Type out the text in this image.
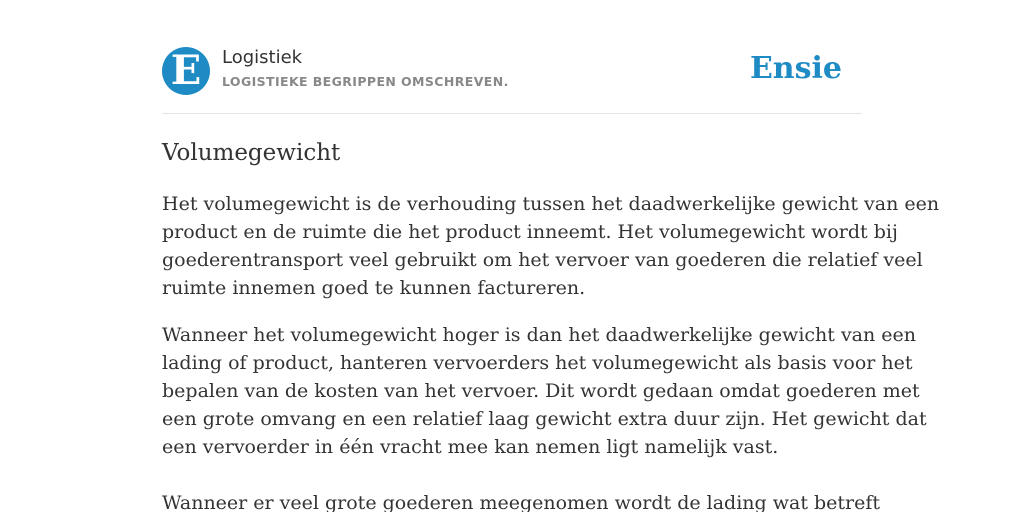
E	Logistiek
LOGISTIEKE BEGRIPPEN OMSCHREVEN.	Ensie
Volumegewicht

Het volumegewicht is de verhouding tussen het daadwerkelijke gewicht van een
product en de ruimte die het product inneemt. Het volumegewicht wordt bij
goederentransport veel gebruikt om het vervoer van goederen die relatief veel
ruimte innemen goed te kunnen factureren.

Wanneer het volumegewicht hoger is dan het daadwerkelijke gewicht van een
lading of product, hanteren vervoerders het volumegewicht als basis voor het
bepalen van de kosten van het vervoer. Dit wordt gedaan omdat goederen met
een grote omvang en een relatief laag gewicht extra duur zijn. Het gewicht dat
een vervoerder in één vracht mee kan nemen ligt namelijk vast.
Wanneer er veel grote goederen meegenomen wordt de lading wat betreft
